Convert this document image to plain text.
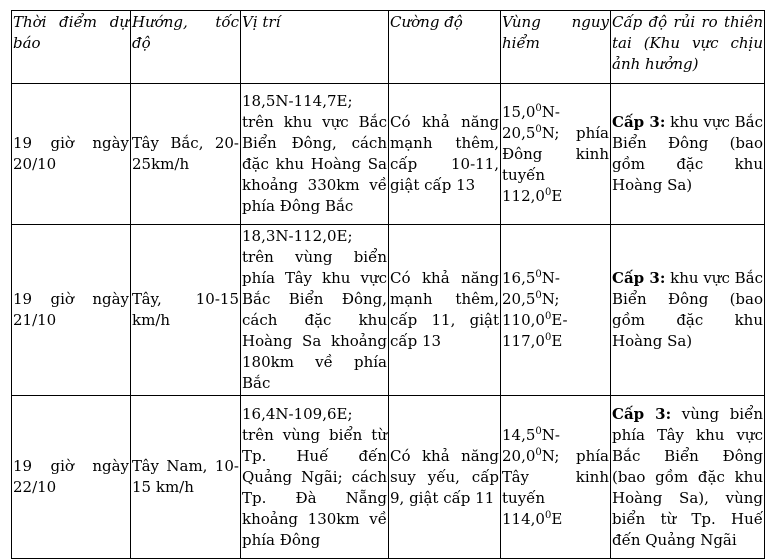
Thời điểm dự báo	Hướng, tốc độ	Vị trí	Cường độ	Vùng nguy hiểm	Cấp độ rủi ro thiên tai (Khu vực chịu ảnh hưởng)
19 giờ ngày 20/10	Tây Bắc, 20-25km/h	18,5N-114,7E; trên khu vực Bắc Biển Đông, cách đặc khu Hoàng Sa khoảng 330km về phía Đông Bắc	Có khả năng mạnh thêm, cấp 10-11, giật cấp 13	15,0$^0$N-20,5$^0$N; phía Đông kinh tuyến 112,0$^0$E	Cấp 3: khu vực Bắc Biển Đông (bao gồm đặc khu Hoàng Sa)
19 giờ ngày 21/10	Tây, 10-15 km/h	18,3N-112,0E; trên vùng biển phía Tây khu vực Bắc Biển Đông, cách đặc khu Hoàng Sa khoảng 180km về phía Bắc	Có khả năng mạnh thêm, cấp 11, giật cấp 13	16,5$^0$N-20,5$^0$N; 110,0$^0$E-117,0$^0$E	Cấp 3: khu vực Bắc Biển Đông (bao gồm đặc khu Hoàng Sa)
19 giờ ngày 22/10	Tây Nam, 10-15 km/h	16,4N-109,6E; trên vùng biển từ Tp. Huế đến Quảng Ngãi; cách Tp. Đà Nẵng khoảng 130km về phía Đông	Có khả năng suy yếu, cấp 9, giật cấp 11	14,5$^0$N-20,0$^0$N; phía Tây kinh tuyến 114,0$^0$E	Cấp 3: vùng biển phía Tây khu vực Bắc Biển Đông (bao gồm đặc khu Hoàng Sa), vùng biển từ Tp. Huế đến Quảng Ngãi
